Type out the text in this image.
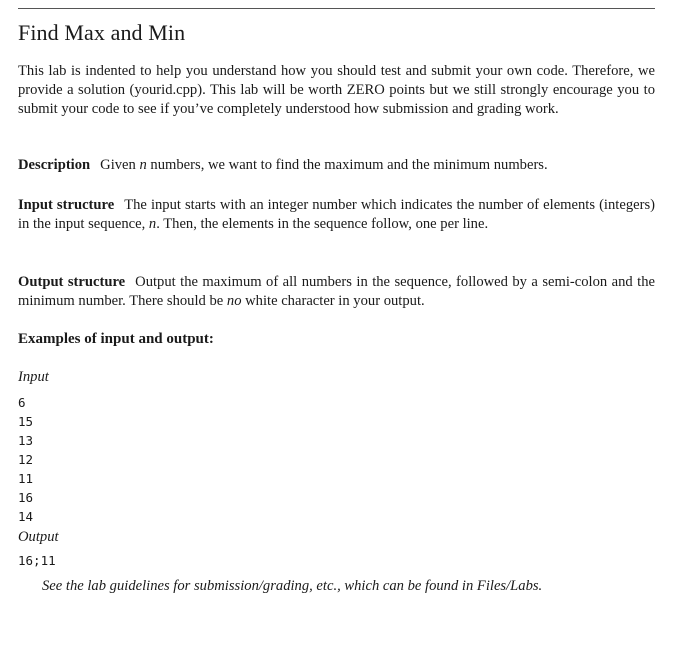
Find Max and Min

This lab is indented to help you understand how you should test and submit your own code. Therefore, we provide a solution (yourid.cpp). This lab will be worth ZERO points but we still strongly encourage you to submit your code to see if you’ve completely understood how submission and grading work.

Description Given n numbers, we want to find the maximum and the minimum numbers.

Input structure The input starts with an integer number which indicates the number of elements (integers) in the input sequence, n. Then, the elements in the sequence follow, one per line.

Output structure Output the maximum of all numbers in the sequence, followed by a semi-colon and the minimum number. There should be no white character in your output.

Examples of input and output:

Input

6
15
13
12
11
16
14

Output

16;11

See the lab guidelines for submission/grading, etc., which can be found in Files/Labs.
